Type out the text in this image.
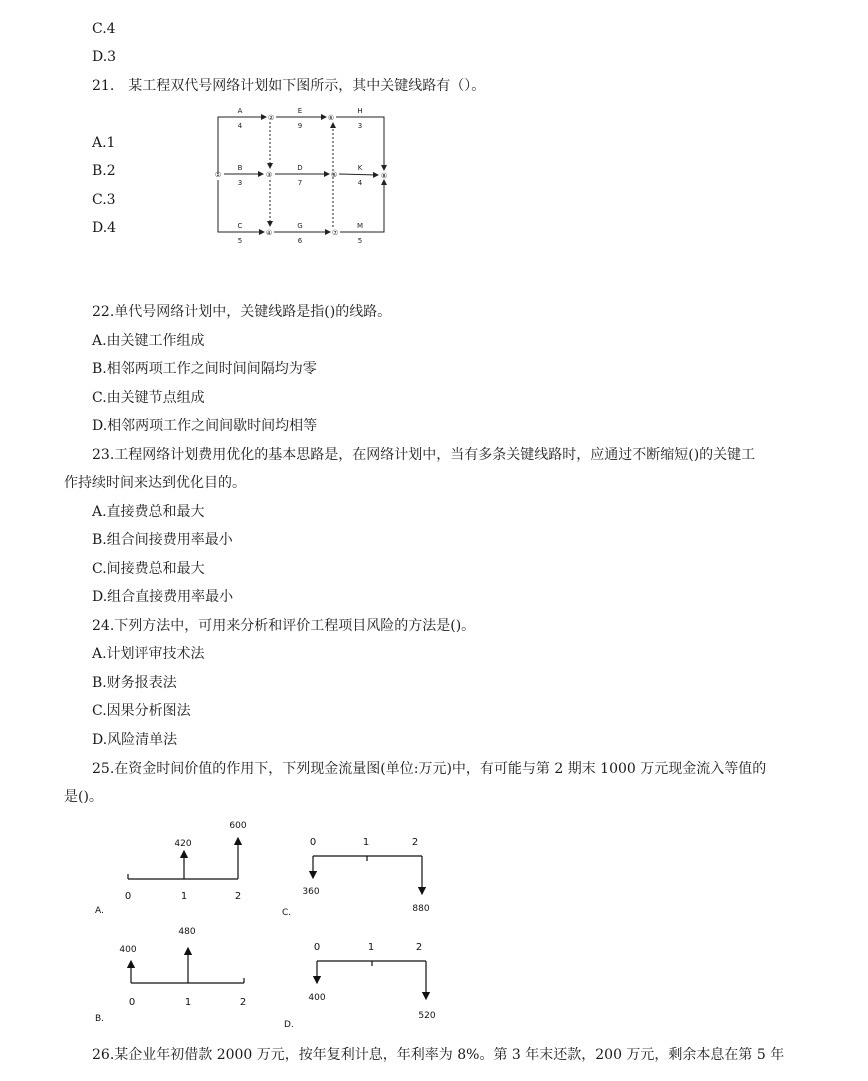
C.4
D.3
21.　某工程双代号网络计划如下图所示，其中关键线路有（）。
A.1
B.2
C.3
D.4
①
②
③
④
⑤
⑥
⑦
⑧
A
4
E
9
H
3
B
3
D
7
K
4
C
5
G
6
M
5
22.单代号网络计划中，关键线路是指()的线路。
A.由关键工作组成
B.相邻两项工作之间时间间隔均为零
C.由关键节点组成
D.相邻两项工作之间间歇时间均相等
23.工程网络计划费用优化的基本思路是，在网络计划中，当有多条关键线路时，应通过不断缩短()的关键工
作持续时间来达到优化目的。
A.直接费总和最大
B.组合间接费用率最小
C.间接费总和最大
D.组合直接费用率最小
24.下列方法中，可用来分析和评价工程项目风险的方法是()。
A.计划评审技术法
B.财务报表法
C.因果分析图法
D.风险清单法
25.在资金时间价值的作用下，下列现金流量图(单位:万元)中，有可能与第 2 期末 1000 万元现金流入等值的
是()。
420
600
0	1	2
A.
400
480
0	1	2
B.
0	1	2
360
880
C.
0	1	2
400
520
D.
26.某企业年初借款 2000 万元，按年复利计息，年利率为 8%。第 3 年末还款，200 万元，剩余本息在第 5 年
